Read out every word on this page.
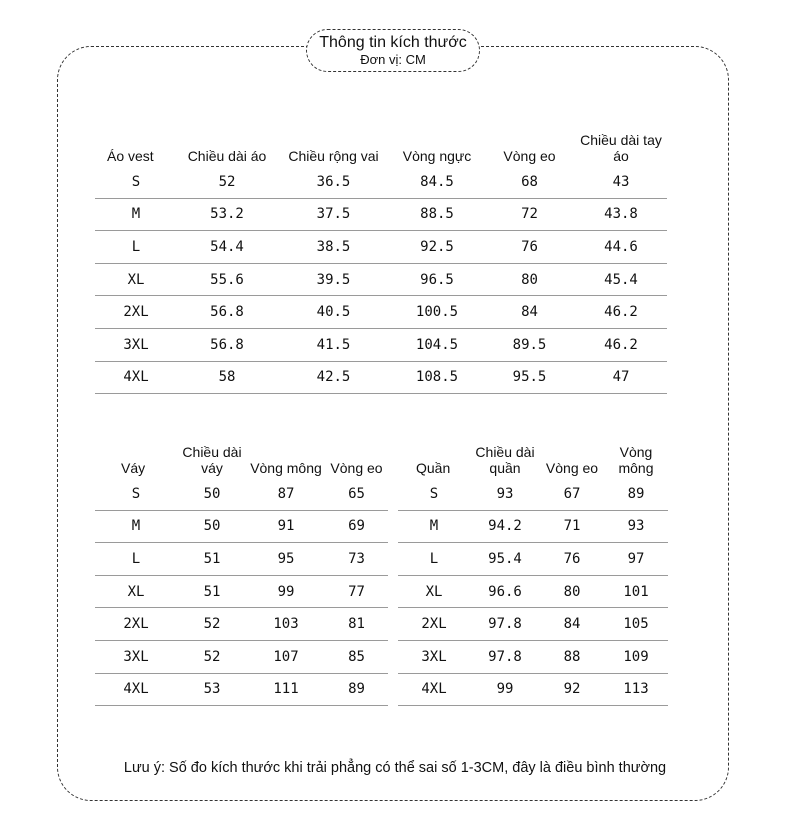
Thông tin kích thước
Đơn vị: CM
Áo vest	Chiều dài áo	Chiều rộng vai	Vòng ngực	Vòng eo	Chiều dài tay áo
S	52	36.5	84.5	68	43
M	53.2	37.5	88.5	72	43.8
L	54.4	38.5	92.5	76	44.6
XL	55.6	39.5	96.5	80	45.4
2XL	56.8	40.5	100.5	84	46.2
3XL	56.8	41.5	104.5	89.5	46.2
4XL	58	42.5	108.5	95.5	47
Váy	Chiều dài váy	Vòng mông	Vòng eo
S	50	87	65
M	50	91	69
L	51	95	73
XL	51	99	77
2XL	52	103	81
3XL	52	107	85
4XL	53	111	89
Quần	Chiều dài quần	Vòng eo	Vòng mông
S	93	67	89
M	94.2	71	93
L	95.4	76	97
XL	96.6	80	101
2XL	97.8	84	105
3XL	97.8	88	109
4XL	99	92	113
Lưu ý: Số đo kích thước khi trải phẳng có thể sai số 1-3CM, đây là điều bình thường
